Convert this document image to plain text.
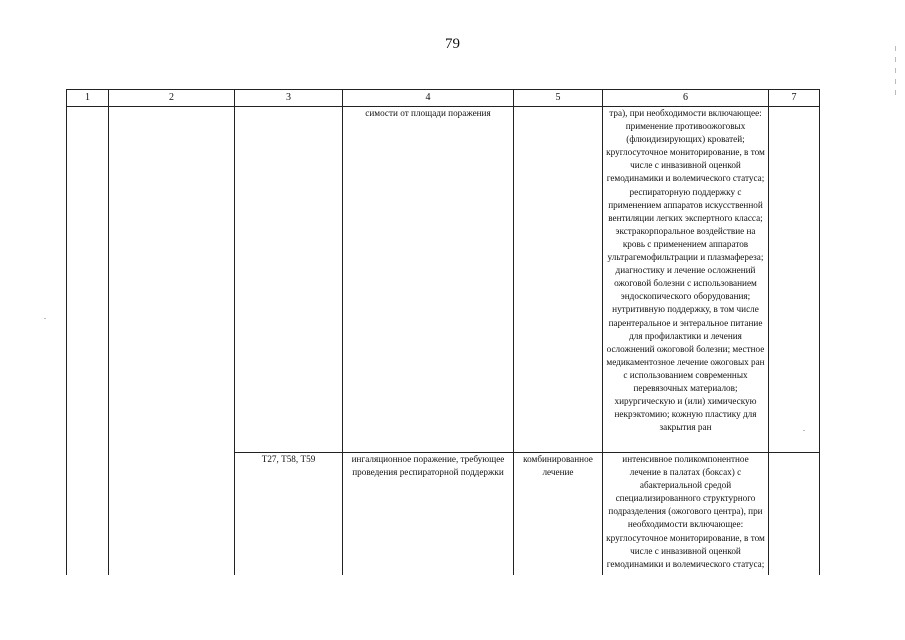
79
1	2	3	4	5	6	7
			симости от площади поражения		тра), при необходимости включающее: применение противоожоговых (флюидизирующих) кроватей; круглосуточное мониторирование, в том числе с инвазивной оценкой гемодинамики и волемического статуса; респираторную поддержку с применением аппаратов искусственной вентиляции легких экспертного класса; экстракорпоральное воздействие на кровь с применением аппаратов ультрагемофильтрации и плазмафереза; диагностику и лечение осложнений ожоговой болезни с использованием эндоскопического оборудования; нутритивную поддержку, в том числе парентеральное и энтеральное питание для профилактики и лечения осложнений ожоговой болезни; местное медикаментозное лечение ожоговых ран с использованием современных перевязочных материалов; хирургическую и (или) химическую некрэктомию; кожную пластику для закрытия ран	
		Т27, Т58, Т59	ингаляционное поражение, требующее проведения респираторной поддержки	комбинированное лечение	интенсивное поликомпонентное лечение в палатах (боксах) с абактериальной средой специализированного структурного подразделения (ожогового центра), при необходимости включающее: круглосуточное мониторирование, в том числе с инвазивной оценкой гемодинамики и волемического статуса;	
